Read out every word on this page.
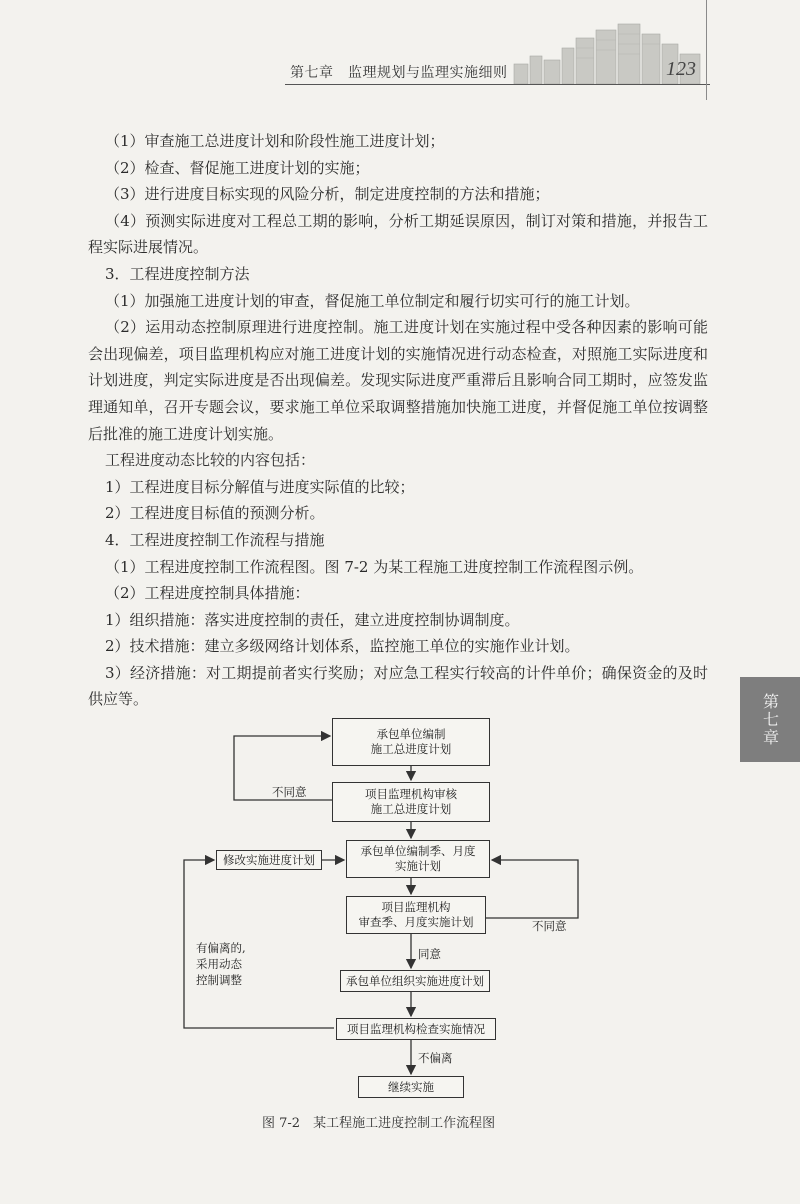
第七章　监理规划与监理实施细则	123
第七章

（1）审查施工总进度计划和阶段性施工进度计划；

（2）检查、督促施工进度计划的实施；

（3）进行进度目标实现的风险分析，制定进度控制的方法和措施；

（4）预测实际进度对工程总工期的影响，分析工期延误原因，制订对策和措施，并报告工程实际进展情况。

3．工程进度控制方法

（1）加强施工进度计划的审查，督促施工单位制定和履行切实可行的施工计划。

（2）运用动态控制原理进行进度控制。施工进度计划在实施过程中受各种因素的影响可能会出现偏差，项目监理机构应对施工进度计划的实施情况进行动态检查，对照施工实际进度和计划进度，判定实际进度是否出现偏差。发现实际进度严重滞后且影响合同工期时，应签发监理通知单，召开专题会议，要求施工单位采取调整措施加快施工进度，并督促施工单位按调整后批准的施工进度计划实施。

工程进度动态比较的内容包括：

1）工程进度目标分解值与进度实际值的比较；

2）工程进度目标值的预测分析。

4．工程进度控制工作流程与措施

（1）工程进度控制工作流程图。图 7-2 为某工程施工进度控制工作流程图示例。

（2）工程进度控制具体措施：

1）组织措施：落实进度控制的责任，建立进度控制协调制度。

2）技术措施：建立多级网络计划体系，监控施工单位的实施作业计划。

3）经济措施：对工期提前者实行奖励；对应急工程实行较高的计件单价；确保资金的及时供应等。

承包单位编制
施工总进度计划
项目监理机构审核
施工总进度计划
修改实施进度计划
承包单位编制季、月度
实施计划
项目监理机构
审查季、月度实施计划
承包单位组织实施进度计划
项目监理机构检查实施情况
继续实施
不同意
不同意
同意
不偏离
有偏离的,
采用动态
控制调整
图 7-2　某工程施工进度控制工作流程图
